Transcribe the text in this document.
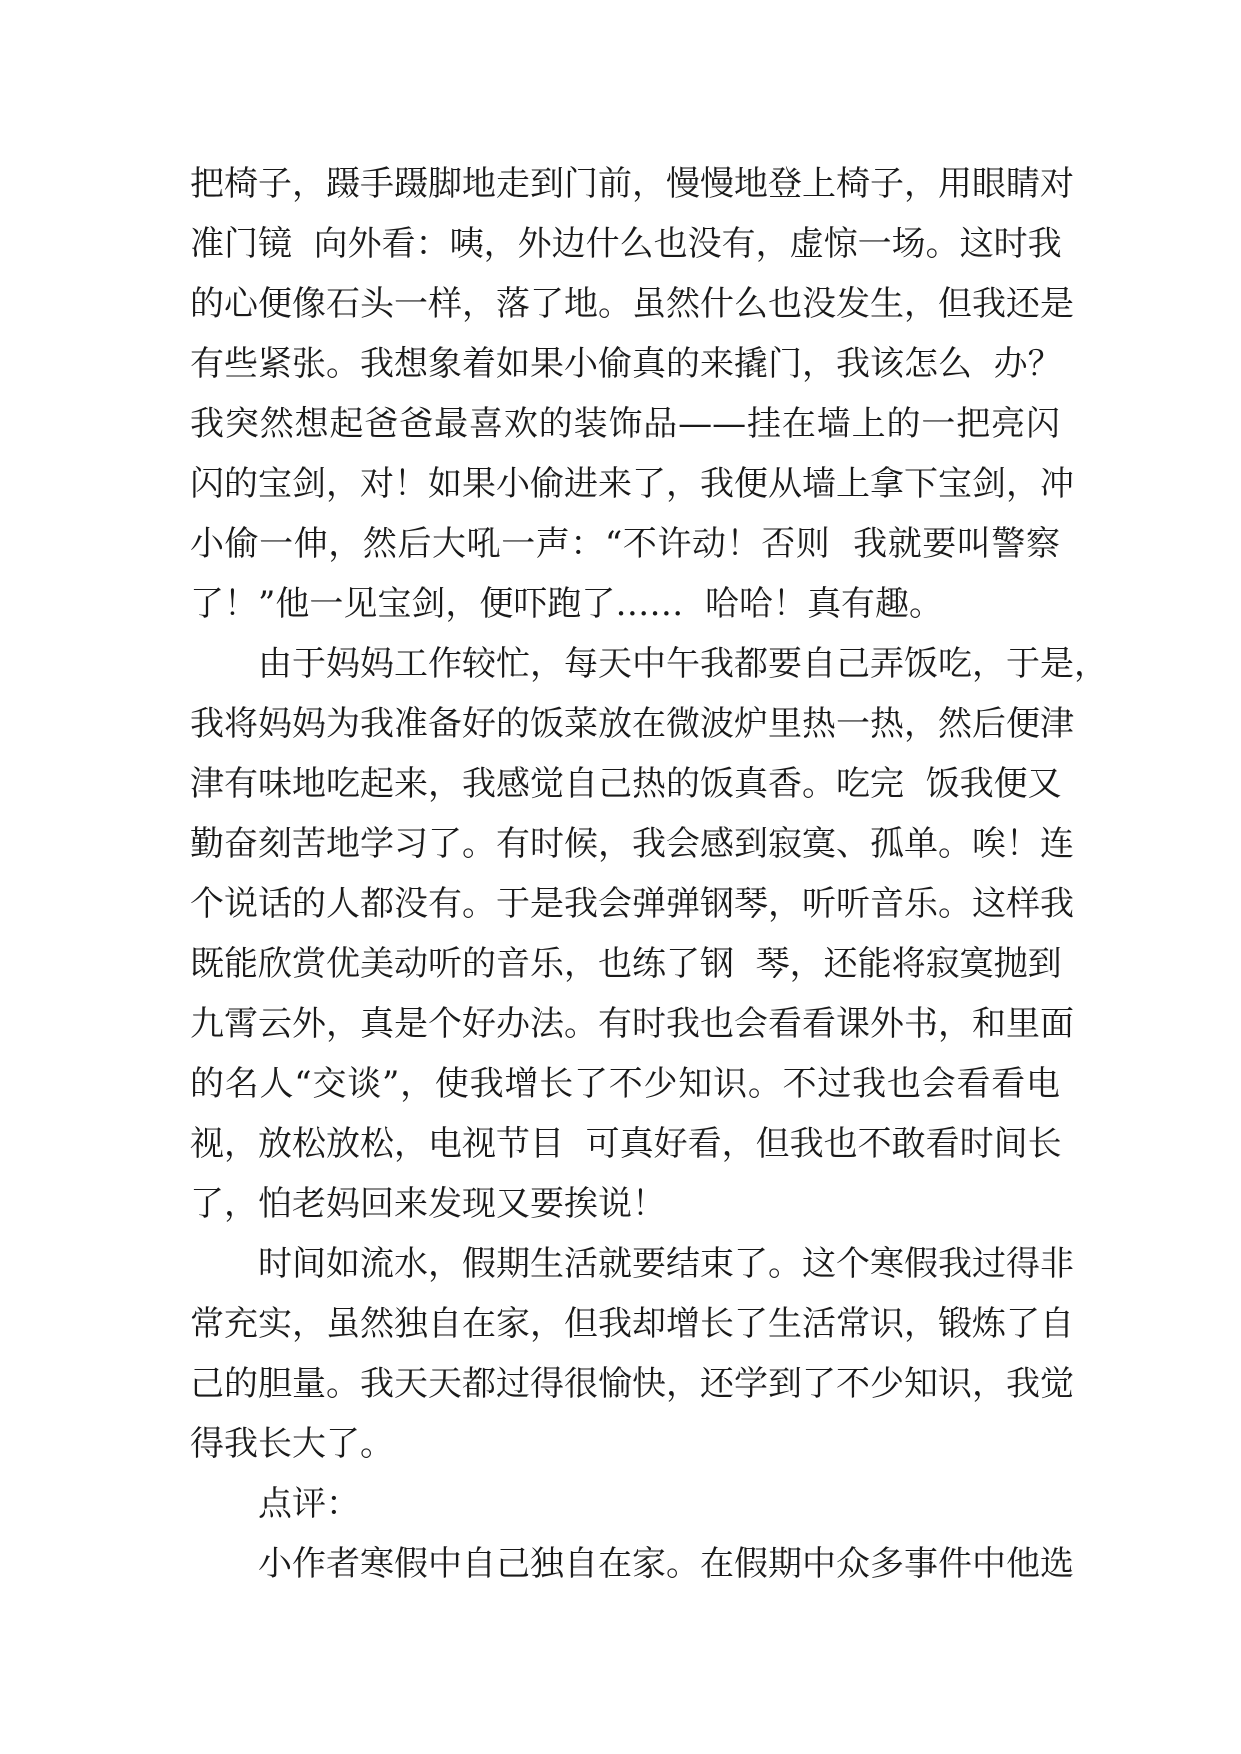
把椅子，蹑手蹑脚地走到门前，慢慢地登上椅子，用眼睛对
准门镜  向外看：咦，外边什么也没有，虚惊一场。这时我
的心便像石头一样，落了地。虽然什么也没发生，但我还是
有些紧张。我想象着如果小偷真的来撬门，我该怎么  办？
我突然想起爸爸最喜欢的装饰品——挂在墙上的一把亮闪
闪的宝剑，对！如果小偷进来了，我便从墙上拿下宝剑，冲
小偷一伸，然后大吼一声：“不许动！否则  我就要叫警察
了！”他一见宝剑，便吓跑了……  哈哈！真有趣。
由于妈妈工作较忙，每天中午我都要自己弄饭吃，于是，
我将妈妈为我准备好的饭菜放在微波炉里热一热，然后便津
津有味地吃起来，我感觉自己热的饭真香。吃完  饭我便又
勤奋刻苦地学习了。有时候，我会感到寂寞、孤单。唉！连
个说话的人都没有。于是我会弹弹钢琴，听听音乐。这样我
既能欣赏优美动听的音乐，也练了钢  琴，还能将寂寞抛到
九霄云外，真是个好办法。有时我也会看看课外书，和里面
的名人“交谈”，使我增长了不少知识。不过我也会看看电
视，放松放松，电视节目  可真好看，但我也不敢看时间长
了，怕老妈回来发现又要挨说！
时间如流水，假期生活就要结束了。这个寒假我过得非
常充实，虽然独自在家，但我却增长了生活常识，锻炼了自
己的胆量。我天天都过得很愉快，还学到了不少知识，我觉
得我长大了。
点评：
小作者寒假中自己独自在家。在假期中众多事件中他选
